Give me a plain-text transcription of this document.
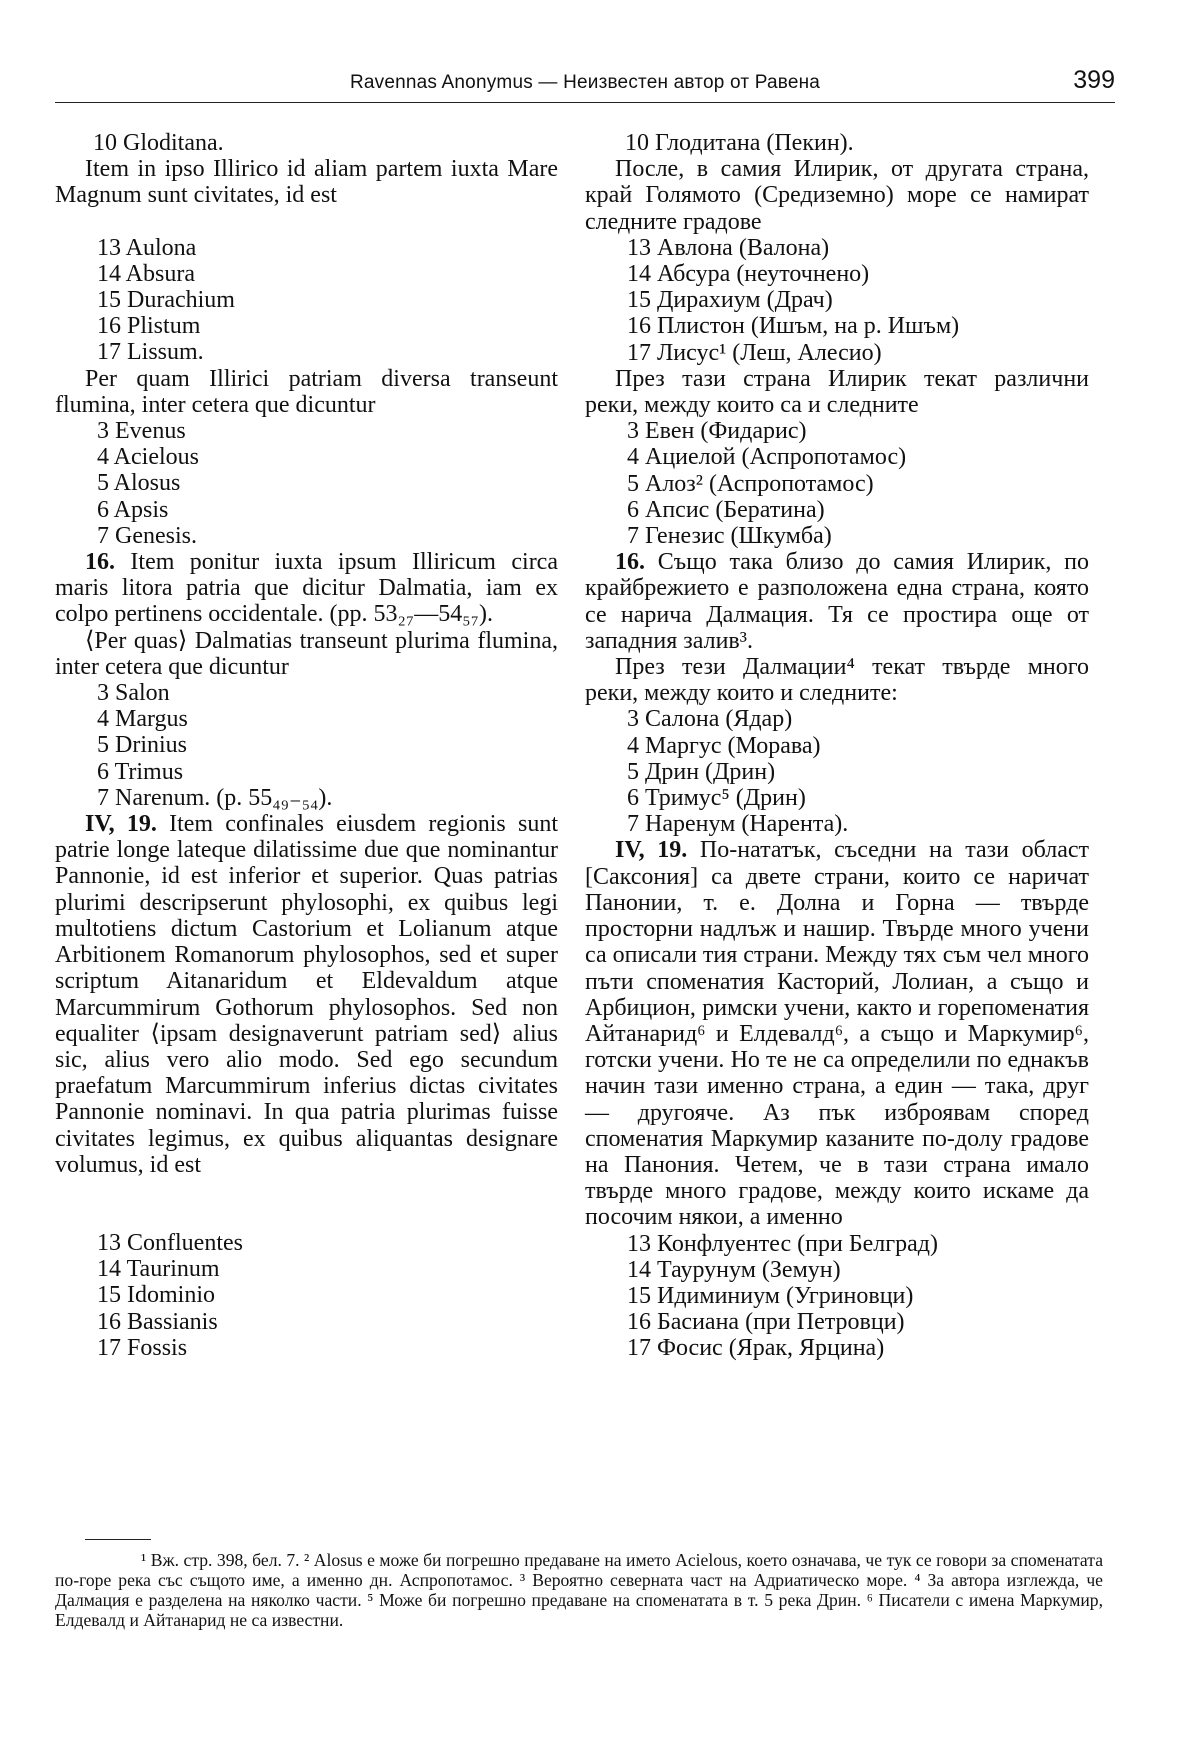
Ravennas Anonymus — Неизвестен автор от Равена	399
10 Gloditana.

Item in ipso Illirico id aliam partem iuxta Mare Magnum sunt civitates, id est

13 Aulona
14 Absura
15 Durachium
16 Plistum
17 Lissum.

Per quam Illirici patriam diversa transeunt flumina, inter cetera que dicuntur

3 Evenus
4 Acielous
5 Alosus
6 Apsis
7 Genesis.

16. Item ponitur iuxta ipsum Illiricum circa maris litora patria que dicitur Dalmatia, iam ex colpo pertinens occidentale. (pp. 53₂₇—54₅₇).

⟨Per quas⟩ Dalmatias transeunt plurima flumina, inter cetera que dicuntur

3 Salon
4 Margus
5 Drinius
6 Trimus
7 Narenum. (p. 55₄₉₋₅₄).

IV, 19. Item confinales eiusdem regionis sunt patrie longe lateque dilatissime due que nominantur Pannonie, id est inferior et superior. Quas patrias plurimi descripserunt phylosophi, ex quibus legi multotiens dictum Castorium et Lolianum atque Arbitionem Romanorum phylosophos, sed et super scriptum Aitanaridum et Eldevaldum atque Marcummirum Gothorum phylosophos. Sed non equaliter ⟨ipsam designaverunt patriam sed⟩ alius sic, alius vero alio modo. Sed ego secundum praefatum Marcummirum inferius dictas civitates Pannonie nominavi. In qua patria plurimas fuisse civitates legimus, ex quibus aliquantas designare volumus, id est

13 Confluentes
14 Taurinum
15 Idominio
16 Bassianis
17 Fossis
10 Глодитана (Пекин).

После, в самия Илирик, от другата страна, край Голямото (Средиземно) море се намират следните градове

13 Авлона (Валона)
14 Абсура (неуточнено)
15 Дирахиум (Драч)
16 Плистон (Ишъм, на р. Ишъм)
17 Лисус¹ (Леш, Алесио)

През тази страна Илирик текат различни реки, между които са и следните

3 Евен (Фидарис)
4 Ациелой (Аспропотамос)
5 Алоз² (Аспропотамос)
6 Апсис (Бератина)
7 Генезис (Шкумба)

16. Също така близо до самия Илирик, по крайбрежието е разположена една страна, която се нарича Далмация. Тя се простира още от западния залив³.

През тези Далмации⁴ текат твърде много реки, между които и следните:

3 Салона (Ядар)
4 Маргус (Морава)
5 Дрин (Дрин)
6 Тримус⁵ (Дрин)
7 Наренум (Нарента).

IV, 19. По-нататък, съседни на тази област [Саксония] са двете страни, които се наричат Панонии, т. е. Долна и Горна — твърде просторни надлъж и нашир. Твърде много учени са описали тия страни. Между тях съм чел много пъти споменатия Касторий, Лолиан, а също и Арбицион, римски учени, както и горепоменатия Айтанарид⁶ и Елдевалд⁶, а също и Маркумир⁶, готски учени. Но те не са определили по еднакъв начин тази именно страна, а един — така, друг — другояче. Аз пък изброявам според споменатия Маркумир казаните по-долу градове на Панония. Четем, че в тази страна имало твърде много градове, между които искаме да посочим някои, а именно

13 Конфлуентес (при Белград)
14 Таурунум (Земун)
15 Идиминиум (Угриновци)
16 Басиана (при Петровци)
17 Фосис (Ярак, Ярцина)

¹ Вж. стр. 398, бел. 7. ² Alosus е може би погрешно предаване на името Acielous, което означава, че тук се говори за споменатата по-горе река със същото име, а именно дн. Аспропотамос. ³ Вероятно северната част на Адриатическо море. ⁴ За автора изглежда, че Далмация е разделена на няколко части. ⁵ Може би погрешно предаване на споменатата в т. 5 река Дрин. ⁶ Писатели с имена Маркумир, Елдевалд и Айтанарид не са известни.
